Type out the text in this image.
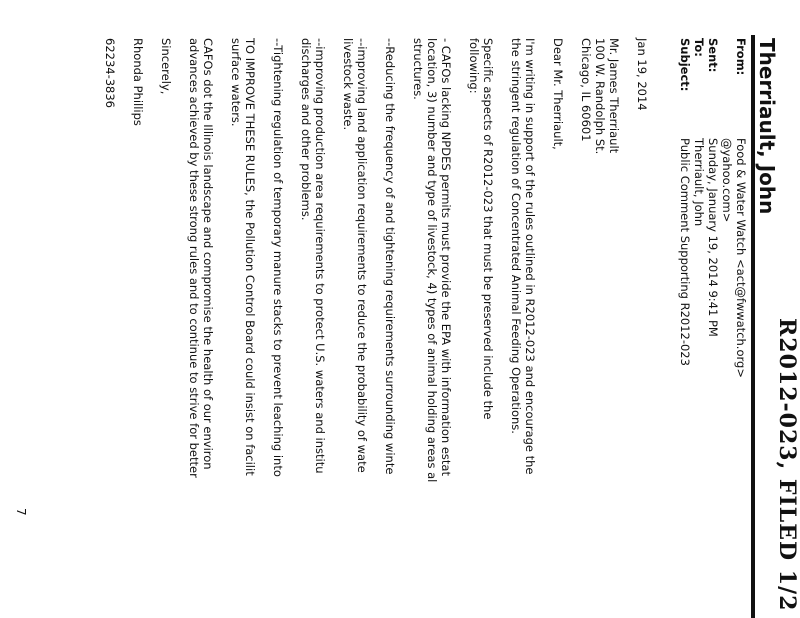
R2012-023, FILED 1/2
Therriault, John
From:
Food & Water Watch <act@fwwatch.org>
@yahoo.com>
Sent:
Sunday, January 19, 2014 9:41 PM
To:
Therriault, John
Subject:
Public Comment Supporting R2012-023
Jan 19, 2014
Mr. James Therriault
100 W. Randolph St.
Chicago, IL 60601
Dear Mr. Therriault,
I'm writing in support of the rules outlined in R2012-023 and encourage the
the stringent regulation of Concentrated Animal Feeding Operations.
Specific aspects of R2012-023 that must be preserved include the
following:
- CAFOs lacking NPDES permits must provide the EPA with information estat
location, 3) number and type of livestock, 4) types of animal holding areas al
structures.
--Reducing the frequency of and tightening requirements surrounding winte
--improving land application requirements to reduce the probability of wate
livestock waste.
--improving production area requirements to protect U.S. waters and institu
discharges and other problems.
--Tightening regulation of temporary manure stacks to prevent leaching into
TO IMPROVE THESE RULES, the Pollution Control Board could insist on facilit
surface waters.
CAFOs dot the Illinois landscape and compromise the health of our environ
advances achieved by these strong rules and to continue to strive for better
Sincerely,
Rhonda Phillips
62234-3836
7
